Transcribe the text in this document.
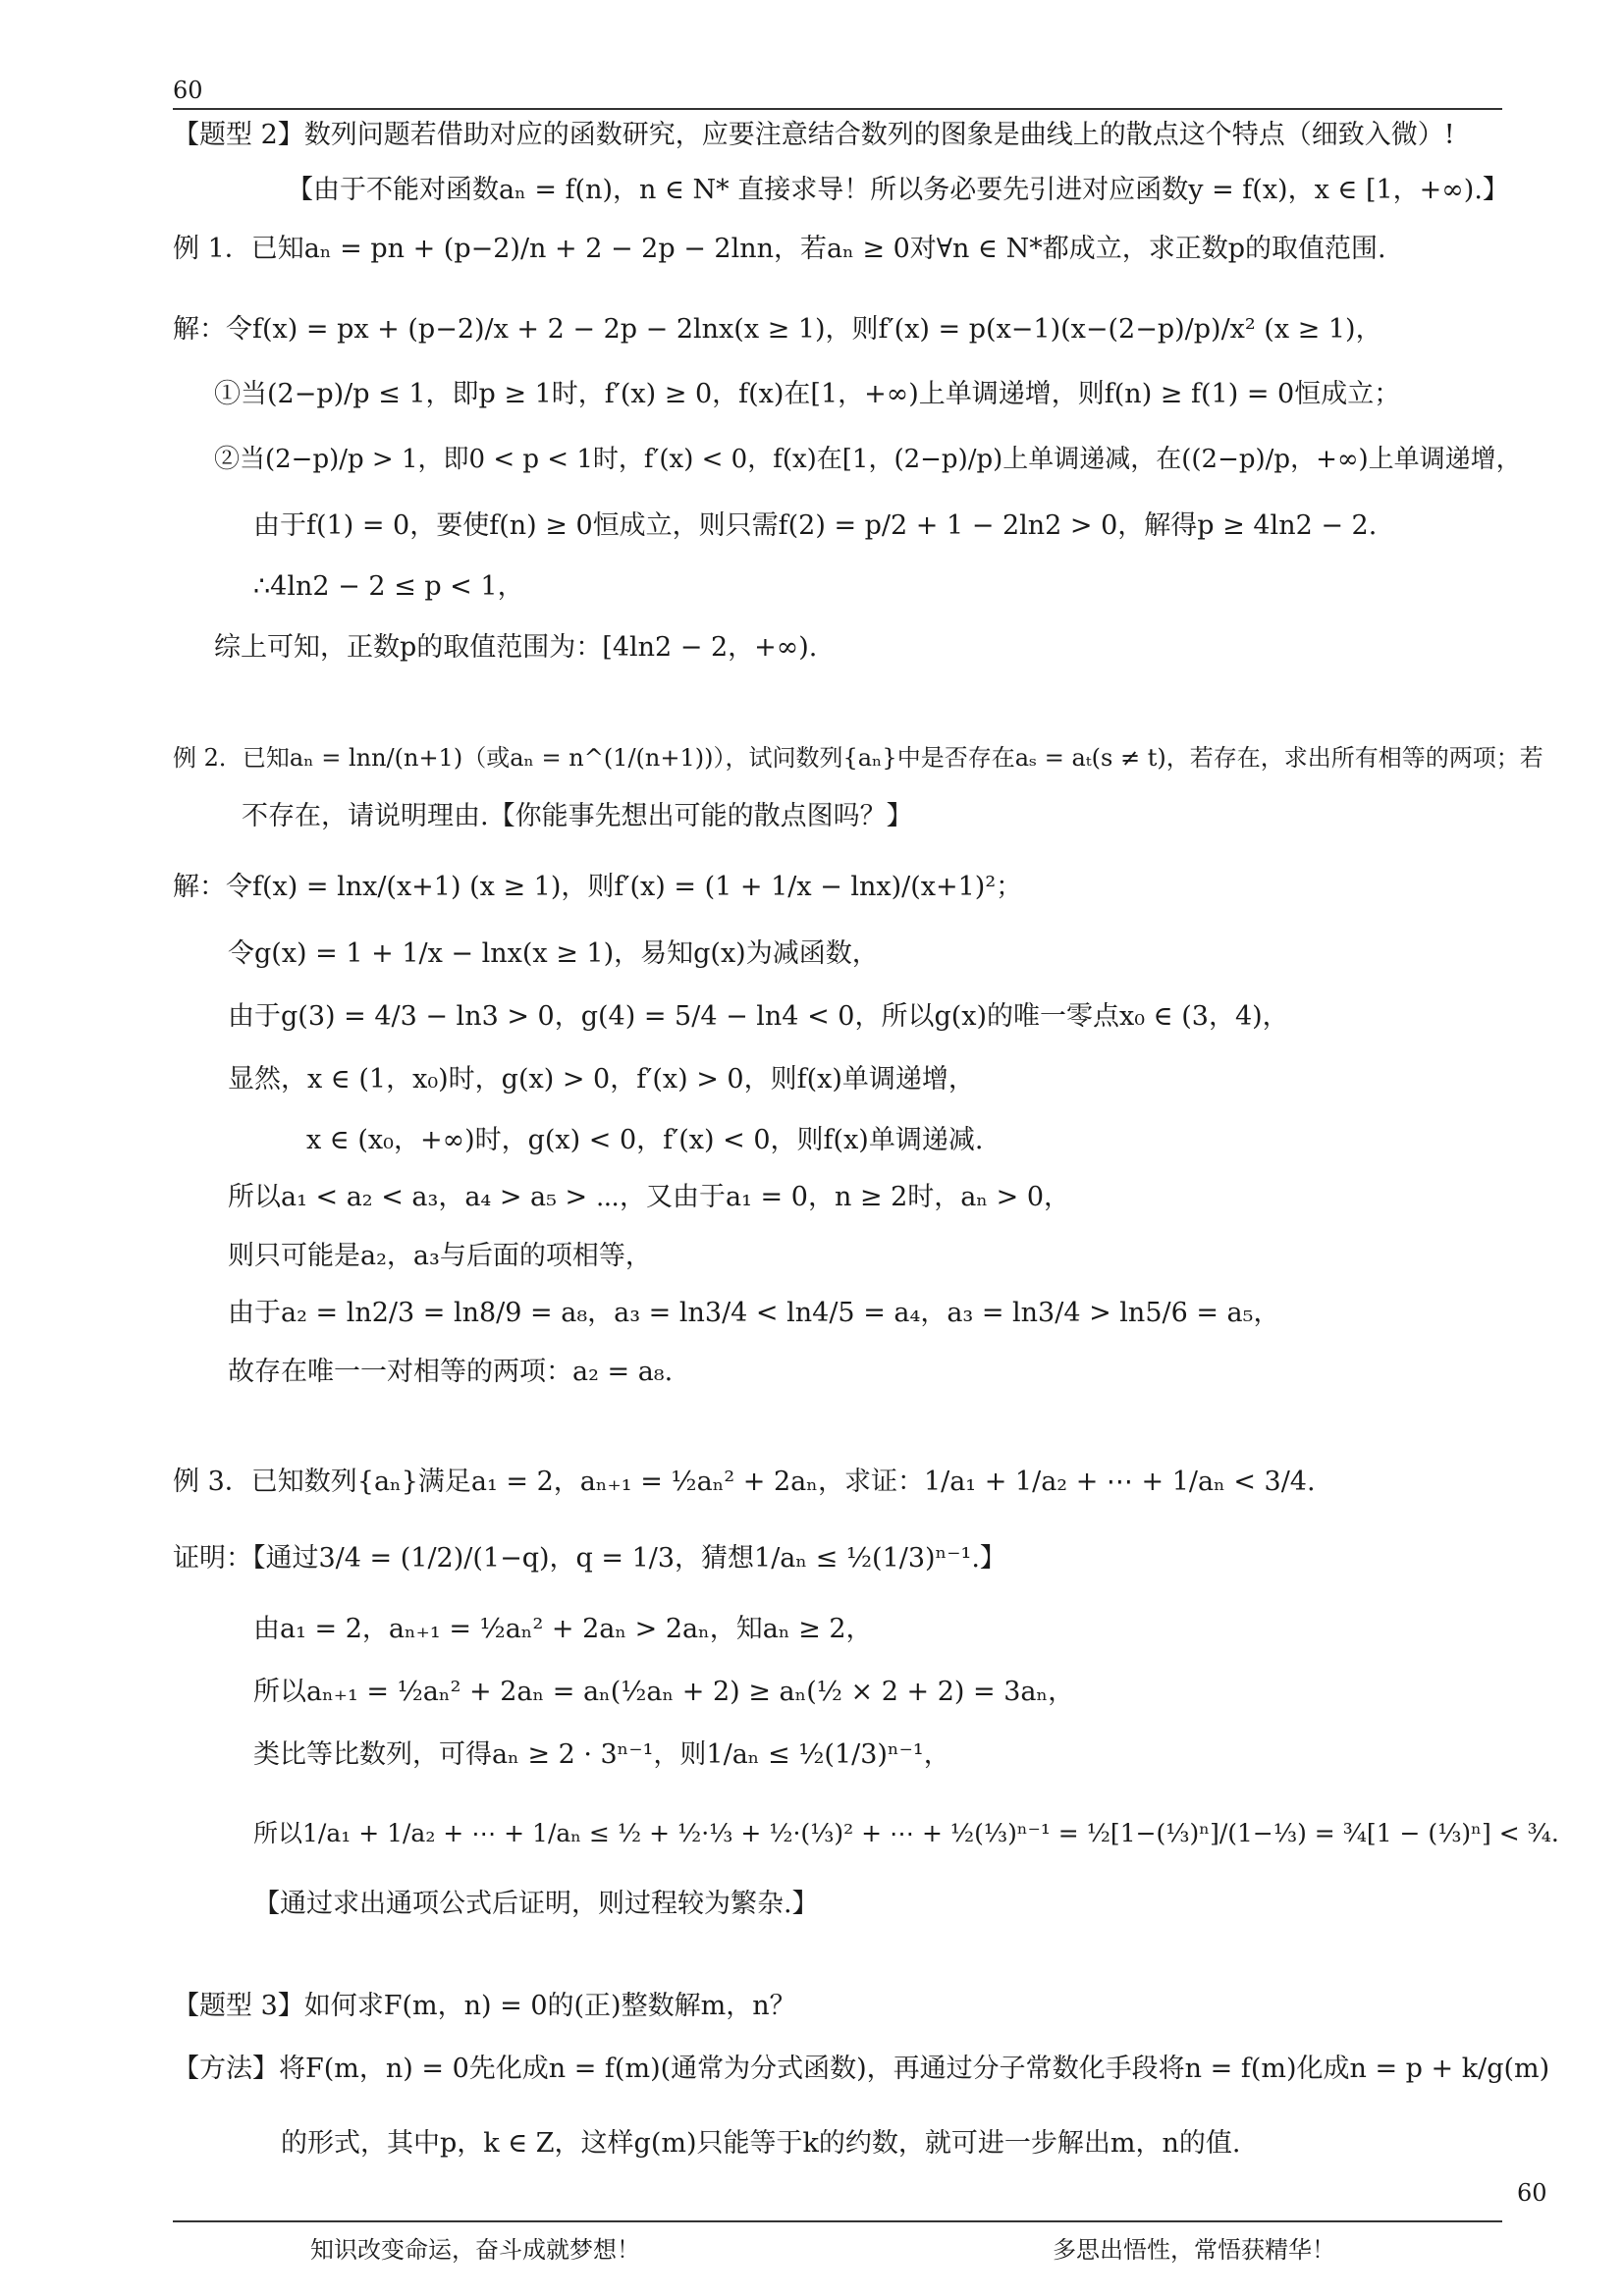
60
【题型 2】数列问题若借助对应的函数研究，应要注意结合数列的图象是曲线上的散点这个特点（细致入微）!
【由于不能对函数aₙ = f(n)，n ∈ N* 直接求导！所以务必要先引进对应函数y = f(x)，x ∈ [1，+∞).】
例 1．已知aₙ = pn + (p−2)/n + 2 − 2p − 2lnn，若aₙ ≥ 0对∀n ∈ N*都成立，求正数p的取值范围.
解：令f(x) = px + (p−2)/x + 2 − 2p − 2lnx(x ≥ 1)，则f′(x) = p(x−1)(x−(2−p)/p)/x² (x ≥ 1)，
①当(2−p)/p ≤ 1，即p ≥ 1时，f′(x) ≥ 0，f(x)在[1，+∞)上单调递增，则f(n) ≥ f(1) = 0恒成立；
②当(2−p)/p > 1，即0 < p < 1时，f′(x) < 0，f(x)在[1，(2−p)/p)上单调递减，在((2−p)/p，+∞)上单调递增，
由于f(1) = 0，要使f(n) ≥ 0恒成立，则只需f(2) = p/2 + 1 − 2ln2 > 0，解得p ≥ 4ln2 − 2.
∴4ln2 − 2 ≤ p < 1，
综上可知，正数p的取值范围为：[4ln2 − 2，+∞).
例 2．已知aₙ = lnn/(n+1)（或aₙ = n^(1/(n+1))），试问数列{aₙ}中是否存在aₛ = aₜ(s ≠ t)，若存在，求出所有相等的两项；若
不存在，请说明理由.【你能事先想出可能的散点图吗？】
解：令f(x) = lnx/(x+1) (x ≥ 1)，则f′(x) = (1 + 1/x − lnx)/(x+1)²；
令g(x) = 1 + 1/x − lnx(x ≥ 1)，易知g(x)为减函数，
由于g(3) = 4/3 − ln3 > 0，g(4) = 5/4 − ln4 < 0，所以g(x)的唯一零点x₀ ∈ (3，4)，
显然，x ∈ (1，x₀)时，g(x) > 0，f′(x) > 0，则f(x)单调递增，
x ∈ (x₀，+∞)时，g(x) < 0，f′(x) < 0，则f(x)单调递减.
所以a₁ < a₂ < a₃，a₄ > a₅ > ⋯，又由于a₁ = 0，n ≥ 2时，aₙ > 0，
则只可能是a₂，a₃与后面的项相等，
由于a₂ = ln2/3 = ln8/9 = a₈，a₃ = ln3/4 < ln4/5 = a₄，a₃ = ln3/4 > ln5/6 = a₅，
故存在唯一一对相等的两项：a₂ = a₈.
例 3．已知数列{aₙ}满足a₁ = 2，aₙ₊₁ = ½aₙ² + 2aₙ，求证：1/a₁ + 1/a₂ + ⋯ + 1/aₙ < 3/4.
证明：【通过3/4 = (1/2)/(1−q)，q = 1/3，猜想1/aₙ ≤ ½(1/3)ⁿ⁻¹.】
由a₁ = 2，aₙ₊₁ = ½aₙ² + 2aₙ > 2aₙ，知aₙ ≥ 2，
所以aₙ₊₁ = ½aₙ² + 2aₙ = aₙ(½aₙ + 2) ≥ aₙ(½ × 2 + 2) = 3aₙ，
类比等比数列，可得aₙ ≥ 2 · 3ⁿ⁻¹，则1/aₙ ≤ ½(1/3)ⁿ⁻¹，
所以1/a₁ + 1/a₂ + ⋯ + 1/aₙ ≤ ½ + ½·⅓ + ½·(⅓)² + ⋯ + ½(⅓)ⁿ⁻¹ = ½[1−(⅓)ⁿ]/(1−⅓) = ¾[1 − (⅓)ⁿ] < ¾.
【通过求出通项公式后证明，则过程较为繁杂.】
【题型 3】如何求F(m，n) = 0的(正)整数解m，n？
【方法】将F(m，n) = 0先化成n = f(m)(通常为分式函数)，再通过分子常数化手段将n = f(m)化成n = p + k/g(m)
的形式，其中p，k ∈ Z，这样g(m)只能等于k的约数，就可进一步解出m，n的值.
60
知识改变命运，奋斗成就梦想！	多思出悟性，常悟获精华！
